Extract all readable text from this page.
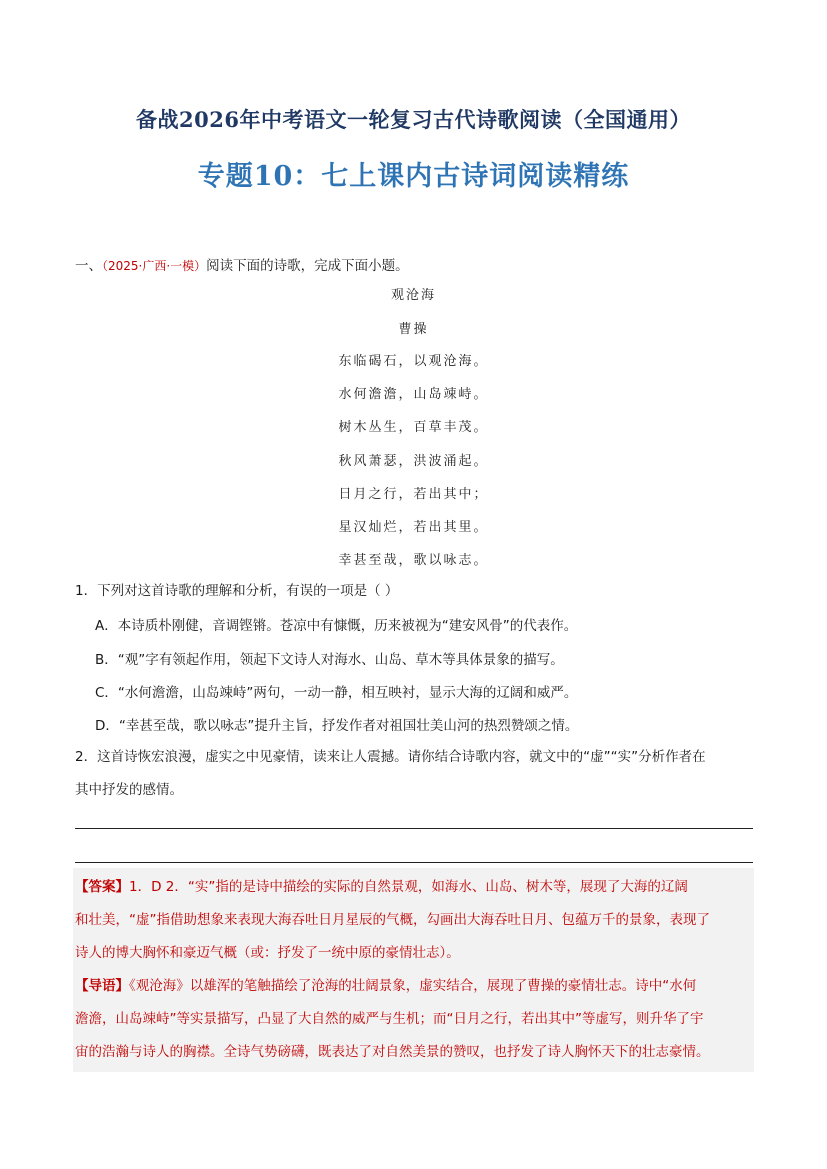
备战2026年中考语文一轮复习古代诗歌阅读（全国通用）
专题10：七上课内古诗词阅读精练
一、（2025·广西·一模）阅读下面的诗歌，完成下面小题。
观沧海
曹操
东临碣石，以观沧海。
水何澹澹，山岛竦峙。
树木丛生，百草丰茂。
秋风萧瑟，洪波涌起。
日月之行，若出其中；
星汉灿烂，若出其里。
幸甚至哉，歌以咏志。
1．下列对这首诗歌的理解和分析，有误的一项是（ ）
A．本诗质朴刚健，音调铿锵。苍凉中有慷慨，历来被视为“建安风骨”的代表作。
B．“观”字有领起作用，领起下文诗人对海水、山岛、草木等具体景象的描写。
C．“水何澹澹，山岛竦峙”两句，一动一静，相互映衬，显示大海的辽阔和威严。
D．“幸甚至哉，歌以咏志”提升主旨，抒发作者对祖国壮美山河的热烈赞颂之情。
2．这首诗恢宏浪漫，虚实之中见豪情，读来让人震撼。请你结合诗歌内容，就文中的“虚”“实”分析作者在
其中抒发的感情。
【答案】1．D 2．“实”指的是诗中描绘的实际的自然景观，如海水、山岛、树木等，展现了大海的辽阔
和壮美，“虚”指借助想象来表现大海吞吐日月星辰的气概，勾画出大海吞吐日月、包蕴万千的景象，表现了
诗人的博大胸怀和豪迈气概（或：抒发了一统中原的豪情壮志）。
【导语】《观沧海》以雄浑的笔触描绘了沧海的壮阔景象，虚实结合，展现了曹操的豪情壮志。诗中“水何
澹澹，山岛竦峙”等实景描写，凸显了大自然的威严与生机；而“日月之行，若出其中”等虚写，则升华了宇
宙的浩瀚与诗人的胸襟。全诗气势磅礴，既表达了对自然美景的赞叹，也抒发了诗人胸怀天下的壮志豪情。
